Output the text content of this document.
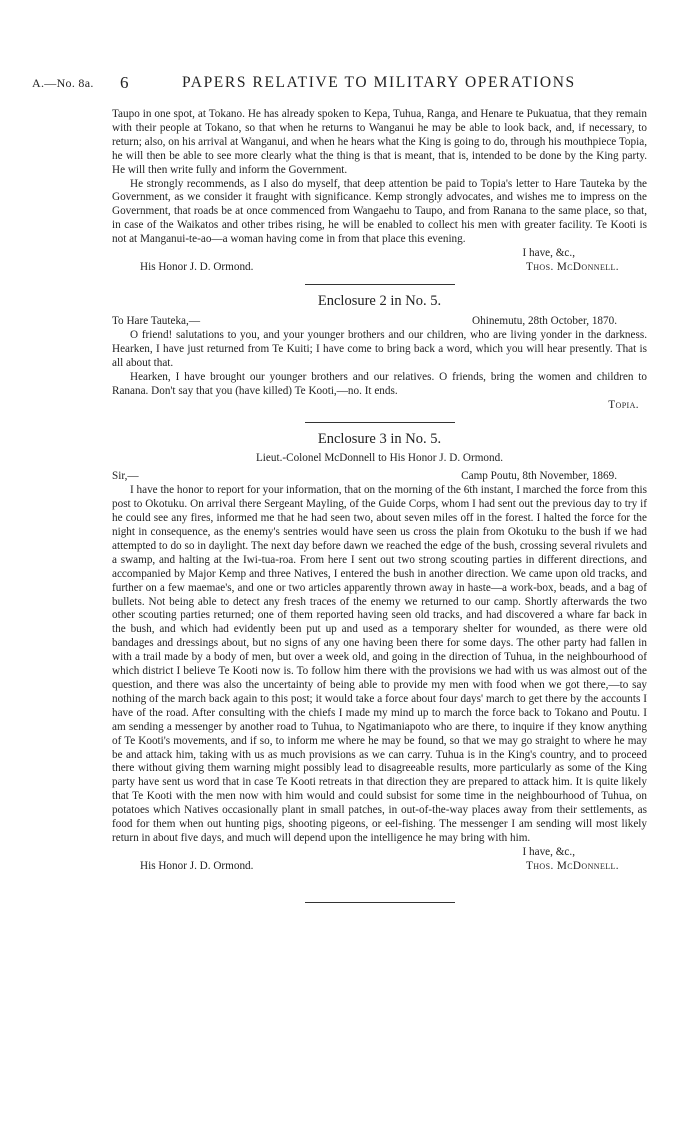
A.—No. 8a. 6	PAPERS RELATIVE TO MILITARY OPERATIONS

Taupo in one spot, at Tokano. He has already spoken to Kepa, Tuhua, Ranga, and Henare te Pukuatua, that they remain with their people at Tokano, so that when he returns to Wanganui he may be able to look back, and, if necessary, to return; also, on his arrival at Wanganui, and when he hears what the King is going to do, through his mouthpiece Topia, he will then be able to see more clearly what the thing is that is meant, that is, intended to be done by the King party. He will then write fully and inform the Government.

He strongly recommends, as I also do myself, that deep attention be paid to Topia's letter to Hare Tauteka by the Government, as we consider it fraught with significance. Kemp strongly advocates, and wishes me to impress on the Government, that roads be at once commenced from Wangaehu to Taupo, and from Ranana to the same place, so that, in case of the Waikatos and other tribes rising, he will be enabled to collect his men with greater facility. Te Kooti is not at Manganui-te-ao—a woman having come in from that place this evening.

I have, &c.,
His Honor J. D. Ormond.	Thos. McDonnell.
Enclosure 2 in No. 5.
To Hare Tauteka,—	Ohinemutu, 28th October, 1870.

O friend! salutations to you, and your younger brothers and our children, who are living yonder in the darkness. Hearken, I have just returned from Te Kuiti; I have come to bring back a word, which you will hear presently. That is all about that.

Hearken, I have brought our younger brothers and our relatives. O friends, bring the women and children to Ranana. Don't say that you (have killed) Te Kooti,—no. It ends.

Topia.
Enclosure 3 in No. 5.
Lieut.-Colonel McDonnell to His Honor J. D. Ormond.
Sir,—	Camp Poutu, 8th November, 1869.

I have the honor to report for your information, that on the morning of the 6th instant, I marched the force from this post to Okotuku. On arrival there Sergeant Mayling, of the Guide Corps, whom I had sent out the previous day to try if he could see any fires, informed me that he had seen two, about seven miles off in the forest. I halted the force for the night in consequence, as the enemy's sentries would have seen us cross the plain from Okotuku to the bush if we had attempted to do so in daylight. The next day before dawn we reached the edge of the bush, crossing several rivulets and a swamp, and halting at the Iwi-tua-roa. From here I sent out two strong scouting parties in different directions, and accompanied by Major Kemp and three Natives, I entered the bush in another direction. We came upon old tracks, and further on a few maemae's, and one or two articles apparently thrown away in haste—a work-box, beads, and a bag of bullets. Not being able to detect any fresh traces of the enemy we returned to our camp. Shortly afterwards the two other scouting parties returned; one of them reported having seen old tracks, and had discovered a whare far back in the bush, and which had evidently been put up and used as a temporary shelter for wounded, as there were old bandages and dressings about, but no signs of any one having been there for some days. The other party had fallen in with a trail made by a body of men, but over a week old, and going in the direction of Tuhua, in the neighbourhood of which district I believe Te Kooti now is. To follow him there with the provisions we had with us was almost out of the question, and there was also the uncertainty of being able to provide my men with food when we got there,—to say nothing of the march back again to this post; it would take a force about four days' march to get there by the accounts I have of the road. After consulting with the chiefs I made my mind up to march the force back to Tokano and Poutu. I am sending a messenger by another road to Tuhua, to Ngatimaniapoto who are there, to inquire if they know anything of Te Kooti's movements, and if so, to inform me where he may be found, so that we may go straight to where he may be and attack him, taking with us as much provisions as we can carry. Tuhua is in the King's country, and to proceed there without giving them warning might possibly lead to disagreeable results, more particularly as some of the King party have sent us word that in case Te Kooti retreats in that direction they are prepared to attack him. It is quite likely that Te Kooti with the men now with him would and could subsist for some time in the neighbourhood of Tuhua, on potatoes which Natives occasionally plant in small patches, in out-of-the-way places away from their settlements, as food for them when out hunting pigs, shooting pigeons, or eel-fishing. The messenger I am sending will most likely return in about five days, and much will depend upon the intelligence he may bring with him.

I have, &c.,
His Honor J. D. Ormond.	Thos. McDonnell.
